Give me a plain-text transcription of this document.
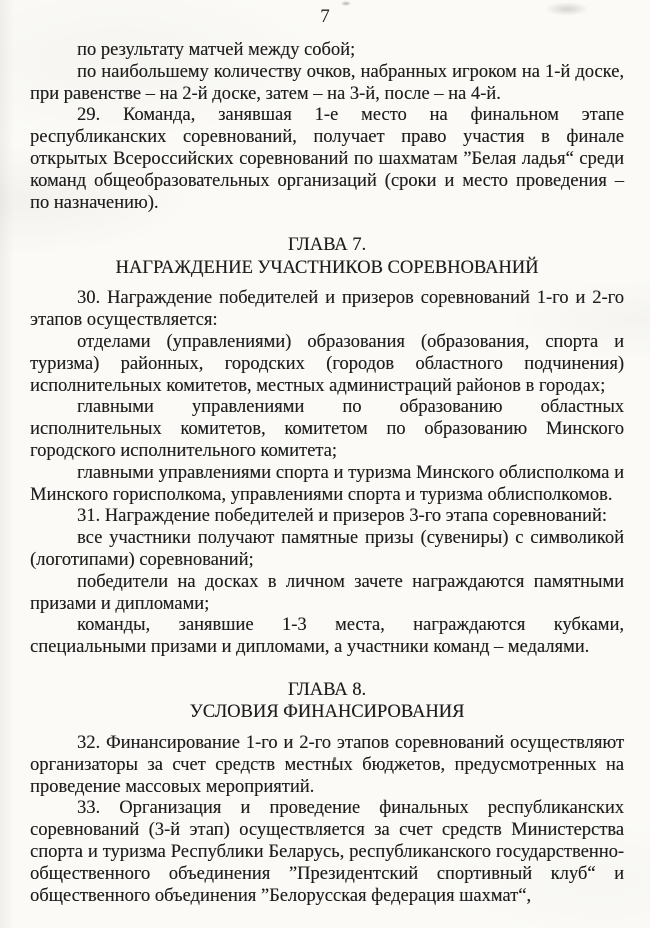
7

по результату матчей между собой;

по наибольшему количеству очков, набранных игроком на 1-й доске, при равенстве – на 2-й доске, затем – на 3-й, после – на 4-й.

29. Команда, занявшая 1-е место на финальном этапе республиканских соревнований, получает право участия в финале открытых Всероссийских соревнований по шахматам ”Белая ладья“ среди команд общеобразовательных организаций (сроки и место проведения – по назначению).

ГЛАВА 7.
НАГРАЖДЕНИЕ УЧАСТНИКОВ СОРЕВНОВАНИЙ

30. Награждение победителей и призеров соревнований 1-го и 2-го этапов осуществляется:

отделами (управлениями) образования (образования, спорта и туризма) районных, городских (городов областного подчинения) исполнительных комитетов, местных администраций районов в городах;

главными управлениями по образованию областных исполнительных комитетов, комитетом по образованию Минского городского исполнительного комитета;

главными управлениями спорта и туризма Минского облисполкома и Минского горисполкома, управлениями спорта и туризма облисполкомов.

31. Награждение победителей и призеров 3-го этапа соревнований:

все участники получают памятные призы (сувениры) с символикой (логотипами) соревнований;

победители на досках в личном зачете награждаются памятными призами и дипломами;

команды, занявшие 1-3 места, награждаются кубками, специальными призами и дипломами, а участники команд – медалями.

ГЛАВА 8.
УСЛОВИЯ ФИНАНСИРОВАНИЯ

32. Финансирование 1-го и 2-го этапов соревнований осуществляют организаторы за счет средств местных бюджетов, предусмотренных на проведение массовых мероприятий.

33. Организация и проведение финальных республиканских соревнований (3-й этап) осуществляется за счет средств Министерства спорта и туризма Республики Беларусь, республиканского государственно-общественного объединения ”Президентский спортивный клуб“ и общественного объединения ”Белорусская федерация шахмат“,
